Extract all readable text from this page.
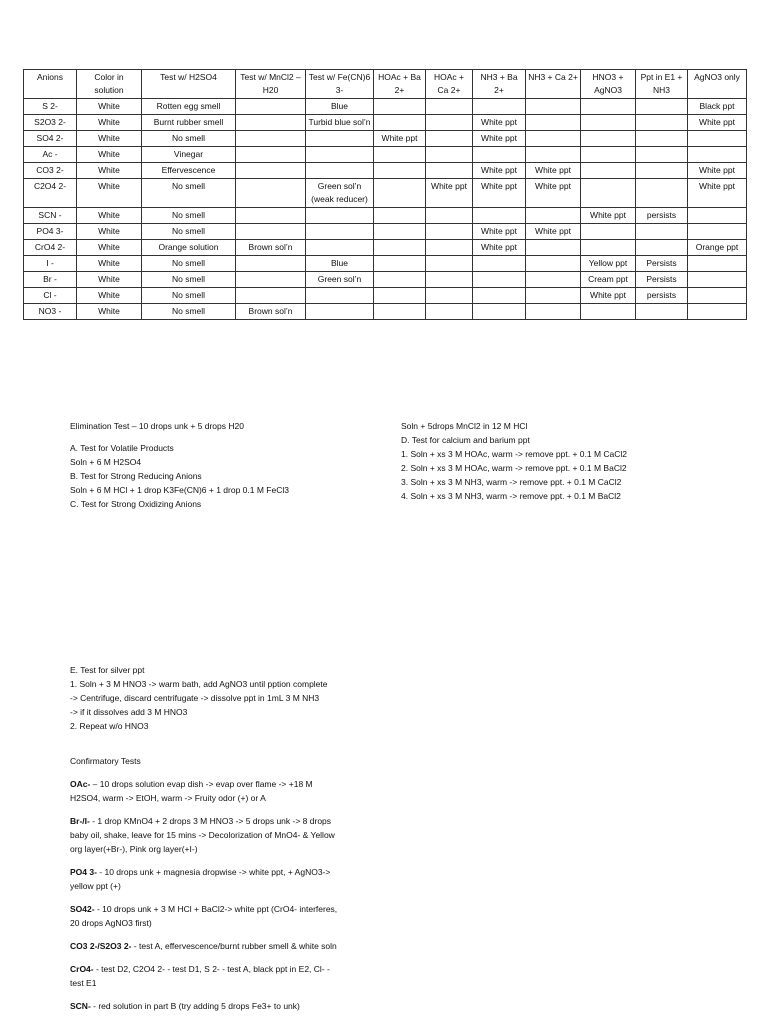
Anions	Color in solution	Test w/ H2SO4	Test w/ MnCl2 – H20	Test w/ Fe(CN)6 3-	HOAc + Ba 2+	HOAc + Ca 2+	NH3 + Ba 2+	NH3 + Ca 2+	HNO3 + AgNO3	Ppt in E1 + NH3	AgNO3 only
S 2-	White	Rotten egg smell		Blue							Black ppt
S2O3 2-	White	Burnt rubber smell		Turbid blue sol’n			White ppt				White ppt
SO4 2-	White	No smell			White ppt		White ppt				
Ac -	White	Vinegar									
CO3 2-	White	Effervescence					White ppt	White ppt			White ppt
C2O4 2-	White	No smell		Green sol’n (weak reducer)		White ppt	White ppt	White ppt			White ppt
SCN -	White	No smell							White ppt	persists	
PO4 3-	White	No smell					White ppt	White ppt			
CrO4 2-	White	Orange solution	Brown sol’n				White ppt				Orange ppt
I -	White	No smell		Blue					Yellow ppt	Persists	
Br -	White	No smell		Green sol’n					Cream ppt	Persists	
Cl -	White	No smell							White ppt	persists	
NO3 -	White	No smell	Brown sol’n								

Elimination Test – 10 drops unk + 5 drops H20

A. Test for Volatile Products

Soln + 6 M H2SO4

B. Test for Strong Reducing Anions

Soln + 6 M HCl + 1 drop K3Fe(CN)6 + 1 drop 0.1 M FeCl3

C. Test for Strong Oxidizing Anions

Soln + 5drops MnCl2 in 12 M HCl

D. Test for calcium and barium ppt

1. Soln + xs 3 M HOAc, warm -> remove ppt. + 0.1 M CaCl2

2. Soln + xs 3 M HOAc, warm -> remove ppt. + 0.1 M BaCl2

3. Soln + xs 3 M NH3, warm -> remove ppt. + 0.1 M CaCl2

4. Soln + xs 3 M NH3, warm -> remove ppt. + 0.1 M BaCl2

E. Test for silver ppt

1. Soln + 3 M HNO3 -> warm bath, add AgNO3 until pption complete

-> Centrifuge, discard centrifugate -> dissolve ppt in 1mL 3 M NH3

-> if it dissolves add 3 M HNO3

2. Repeat w/o HNO3

Confirmatory Tests

OAc- – 10 drops solution evap dish -> evap over flame -> +18 M H2SO4, warm -> EtOH, warm -> Fruity odor (+) or A

Br-/I- - 1 drop KMnO4 + 2 drops 3 M HNO3 -> 5 drops unk -> 8 drops baby oil, shake, leave for 15 mins -> Decolorization of MnO4- & Yellow org layer(+Br-), Pink org layer(+I-)

PO4 3- - 10 drops unk + magnesia dropwise -> white ppt, + AgNO3-> yellow ppt (+)

SO42- - 10 drops unk + 3 M HCl + BaCl2-> white ppt (CrO4- interferes, 20 drops AgNO3 first)

CO3 2-/S2O3 2- - test A, effervescence/burnt rubber smell & white soln

CrO4- - test D2, C2O4 2- - test D1, S 2- - test A, black ppt in E2, Cl- - test E1

SCN- - red solution in part B (try adding 5 drops Fe3+ to unk)
